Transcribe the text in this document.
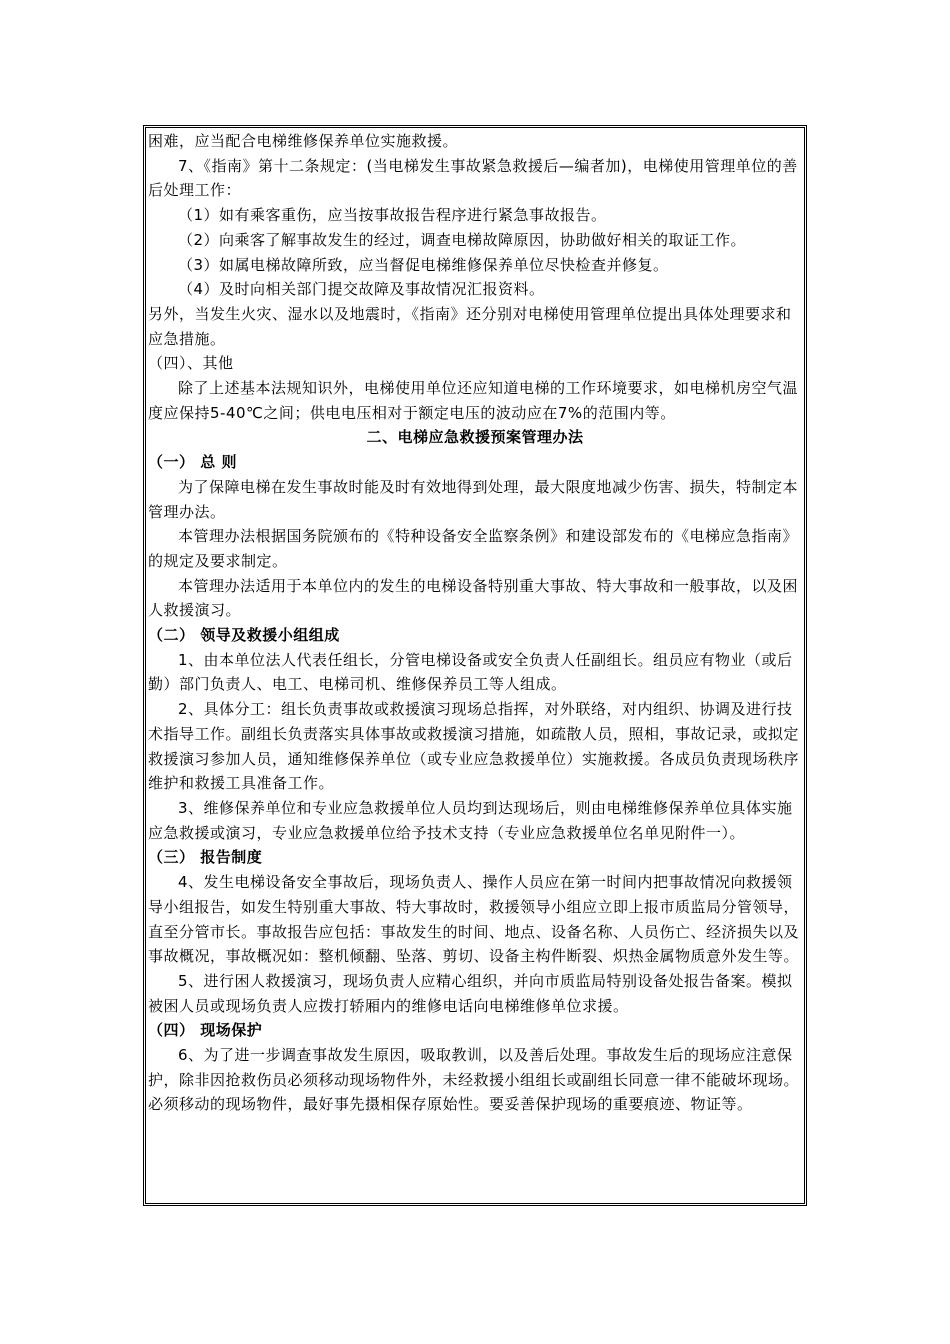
困难，应当配合电梯维修保养单位实施救援。

7、《指南》第十二条规定：(当电梯发生事故紧急救援后—编者加)，电梯使用管理单位的善后处理工作：

（1）如有乘客重伤，应当按事故报告程序进行紧急事故报告。

（2）向乘客了解事故发生的经过，调查电梯故障原因，协助做好相关的取证工作。

（3）如属电梯故障所致，应当督促电梯维修保养单位尽快检查并修复。

（4）及时向相关部门提交故障及事故情况汇报资料。

另外，当发生火灾、湿水以及地震时，《指南》还分别对电梯使用管理单位提出具体处理要求和应急措施。

（四）、其他

除了上述基本法规知识外，电梯使用单位还应知道电梯的工作环境要求，如电梯机房空气温度应保持5-40℃之间；供电电压相对于额定电压的波动应在7%的范围内等。

二、电梯应急救援预案管理办法

（一） 总 则

为了保障电梯在发生事故时能及时有效地得到处理，最大限度地减少伤害、损失，特制定本管理办法。

本管理办法根据国务院颁布的《特种设备安全监察条例》和建设部发布的《电梯应急指南》的规定及要求制定。

本管理办法适用于本单位内的发生的电梯设备特别重大事故、特大事故和一般事故，以及困人救援演习。

（二） 领导及救援小组组成

1、由本单位法人代表任组长，分管电梯设备或安全负责人任副组长。组员应有物业（或后勤）部门负责人、电工、电梯司机、维修保养员工等人组成。

2、具体分工：组长负责事故或救援演习现场总指挥，对外联络，对内组织、协调及进行技术指导工作。副组长负责落实具体事故或救援演习措施，如疏散人员，照相，事故记录，或拟定救援演习参加人员，通知维修保养单位（或专业应急救援单位）实施救援。各成员负责现场秩序维护和救援工具准备工作。

3、维修保养单位和专业应急救援单位人员均到达现场后，则由电梯维修保养单位具体实施应急救援或演习，专业应急救援单位给予技术支持（专业应急救援单位名单见附件一）。

（三） 报告制度

4、发生电梯设备安全事故后，现场负责人、操作人员应在第一时间内把事故情况向救援领导小组报告，如发生特别重大事故、特大事故时，救援领导小组应立即上报市质监局分管领导，直至分管市长。事故报告应包括：事故发生的时间、地点、设备名称、人员伤亡、经济损失以及事故概况，事故概况如：整机倾翻、坠落、剪切、设备主构件断裂、炽热金属物质意外发生等。

5、进行困人救援演习，现场负责人应精心组织，并向市质监局特别设备处报告备案。模拟被困人员或现场负责人应拨打轿厢内的维修电话向电梯维修单位求援。

（四） 现场保护

6、为了进一步调查事故发生原因，吸取教训，以及善后处理。事故发生后的现场应注意保护，除非因抢救伤员必须移动现场物件外，未经救援小组组长或副组长同意一律不能破坏现场。必须移动的现场物件，最好事先摄相保存原始性。要妥善保护现场的重要痕迹、物证等。
